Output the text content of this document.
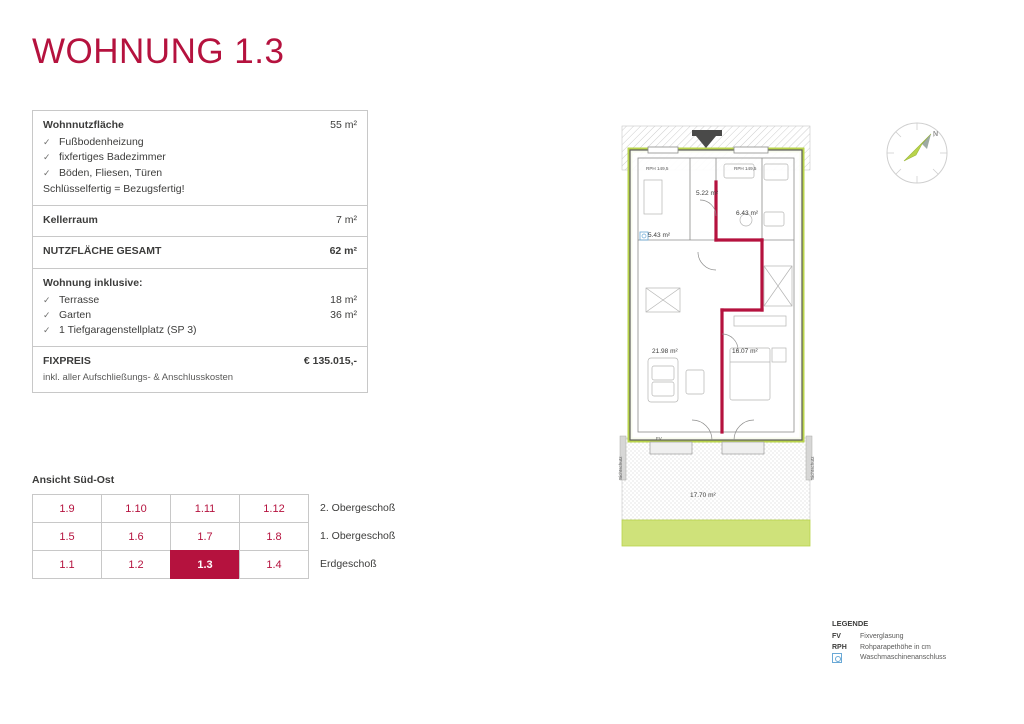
WOHNUNG 1.3
Wohnnutzfläche	55 m²
✓ Fußbodenheizung
✓ fixfertiges Badezimmer
✓ Böden, Fliesen, Türen
Schlüsselfertig = Bezugsfertig!
Kellerraum	7 m²
NUTZFLÄCHE GESAMT	62 m²
Wohnung inklusive:
✓ Terrasse	18 m²
✓ Garten	36 m²
✓ 1 Tiefgaragenstellplatz (SP 3)
FIXPREIS	€ 135.015,-
inkl. aller Aufschließungs- & Anschlusskosten
Ansicht Süd-Ost
1.9	1.10	1.11	1.12	2. Obergeschoß
1.5	1.6	1.7	1.8	1. Obergeschoß
1.1	1.2	1.3	1.4	Erdgeschoß
N
5.22 m²
6.43 m²
5.43 m²
21.98 m²	16.07 m²
17.70 m²
RPH 149,5	RPH 149,5
FV
Sichtschutz	Sichtschutz
LEGENDE
FV	Fixverglasung
RPH	Rohparapethöhe in cm
Waschmaschinenanschluss
